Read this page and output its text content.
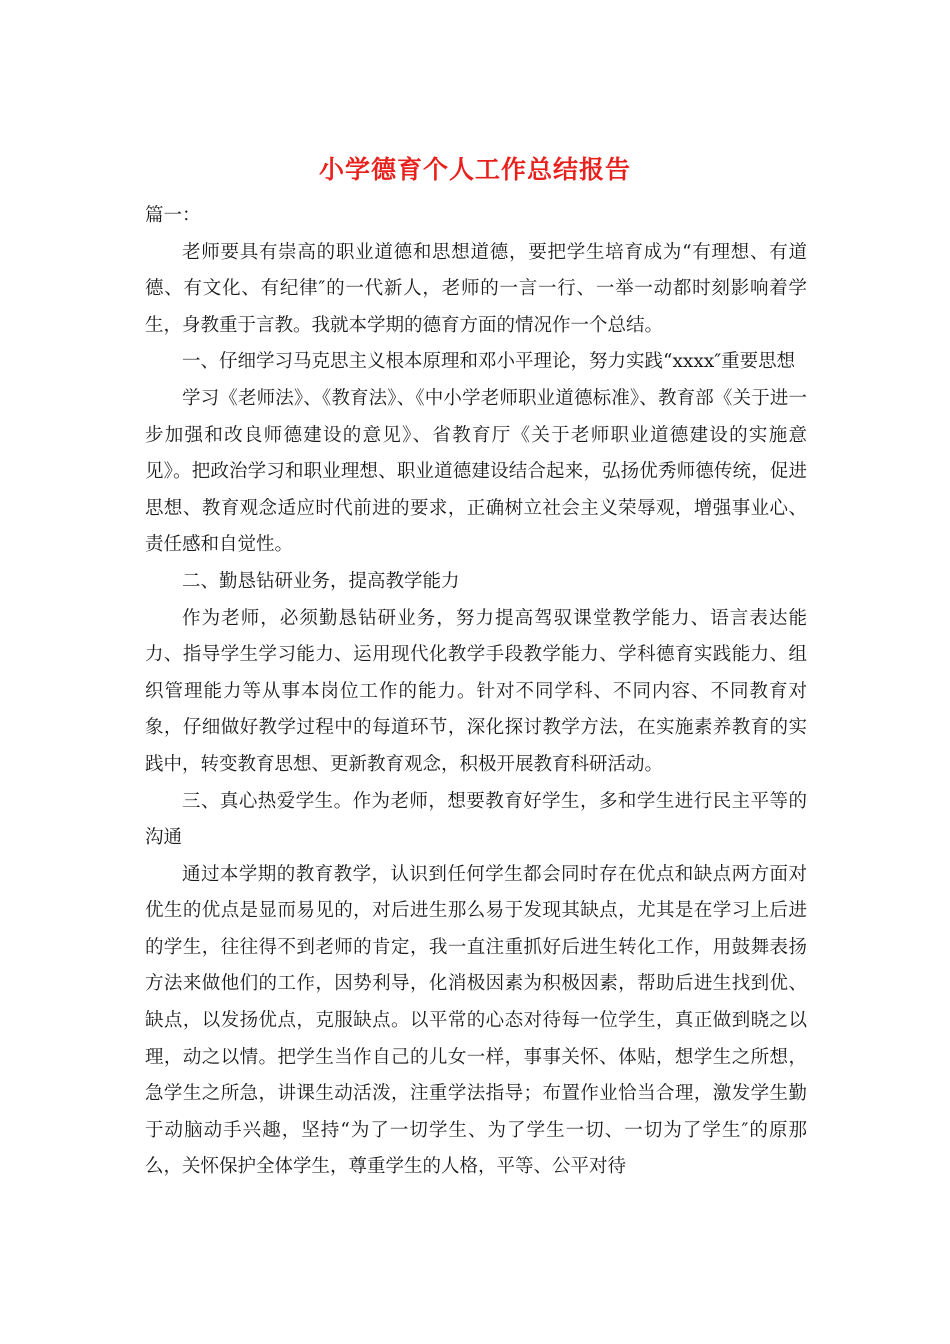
小学德育个人工作总结报告

篇一：

老师要具有崇高的职业道德和思想道德，要把学生培育成为“有理想、有道德、有文化、有纪律″的一代新人，老师的一言一行、一举一动都时刻影响着学生，身教重于言教。我就本学期的德育方面的情况作一个总结。

一、仔细学习马克思主义根本原理和邓小平理论，努力实践“xxxx″重要思想

学习《老师法》、《教育法》、《中小学老师职业道德标准》、教育部《关于进一步加强和改良师德建设的意见》、省教育厅《关于老师职业道德建设的实施意见》。把政治学习和职业理想、职业道德建设结合起来，弘扬优秀师德传统，促进思想、教育观念适应时代前进的要求，正确树立社会主义荣辱观，增强事业心、责任感和自觉性。

二、勤恳钻研业务，提高教学能力

作为老师，必须勤恳钻研业务，努力提高驾驭课堂教学能力、语言表达能力、指导学生学习能力、运用现代化教学手段教学能力、学科德育实践能力、组织管理能力等从事本岗位工作的能力。针对不同学科、不同内容、不同教育对象，仔细做好教学过程中的每道环节，深化探讨教学方法，在实施素养教育的实践中，转变教育思想、更新教育观念，积极开展教育科研活动。

三、真心热爱学生。作为老师，想要教育好学生，多和学生进行民主平等的沟通

通过本学期的教育教学，认识到任何学生都会同时存在优点和缺点两方面对优生的优点是显而易见的，对后进生那么易于发现其缺点，尤其是在学习上后进的学生，往往得不到老师的肯定，我一直注重抓好后进生转化工作，用鼓舞表扬方法来做他们的工作，因势利导，化消极因素为积极因素，帮助后进生找到优、缺点，以发扬优点，克服缺点。以平常的心态对待每一位学生，真正做到晓之以理，动之以情。把学生当作自己的儿女一样，事事关怀、体贴，想学生之所想，急学生之所急，讲课生动活泼，注重学法指导；布置作业恰当合理，激发学生勤于动脑动手兴趣，坚持“为了一切学生、为了学生一切、一切为了学生″的原那么，关怀保护全体学生，尊重学生的人格，平等、公平对待
